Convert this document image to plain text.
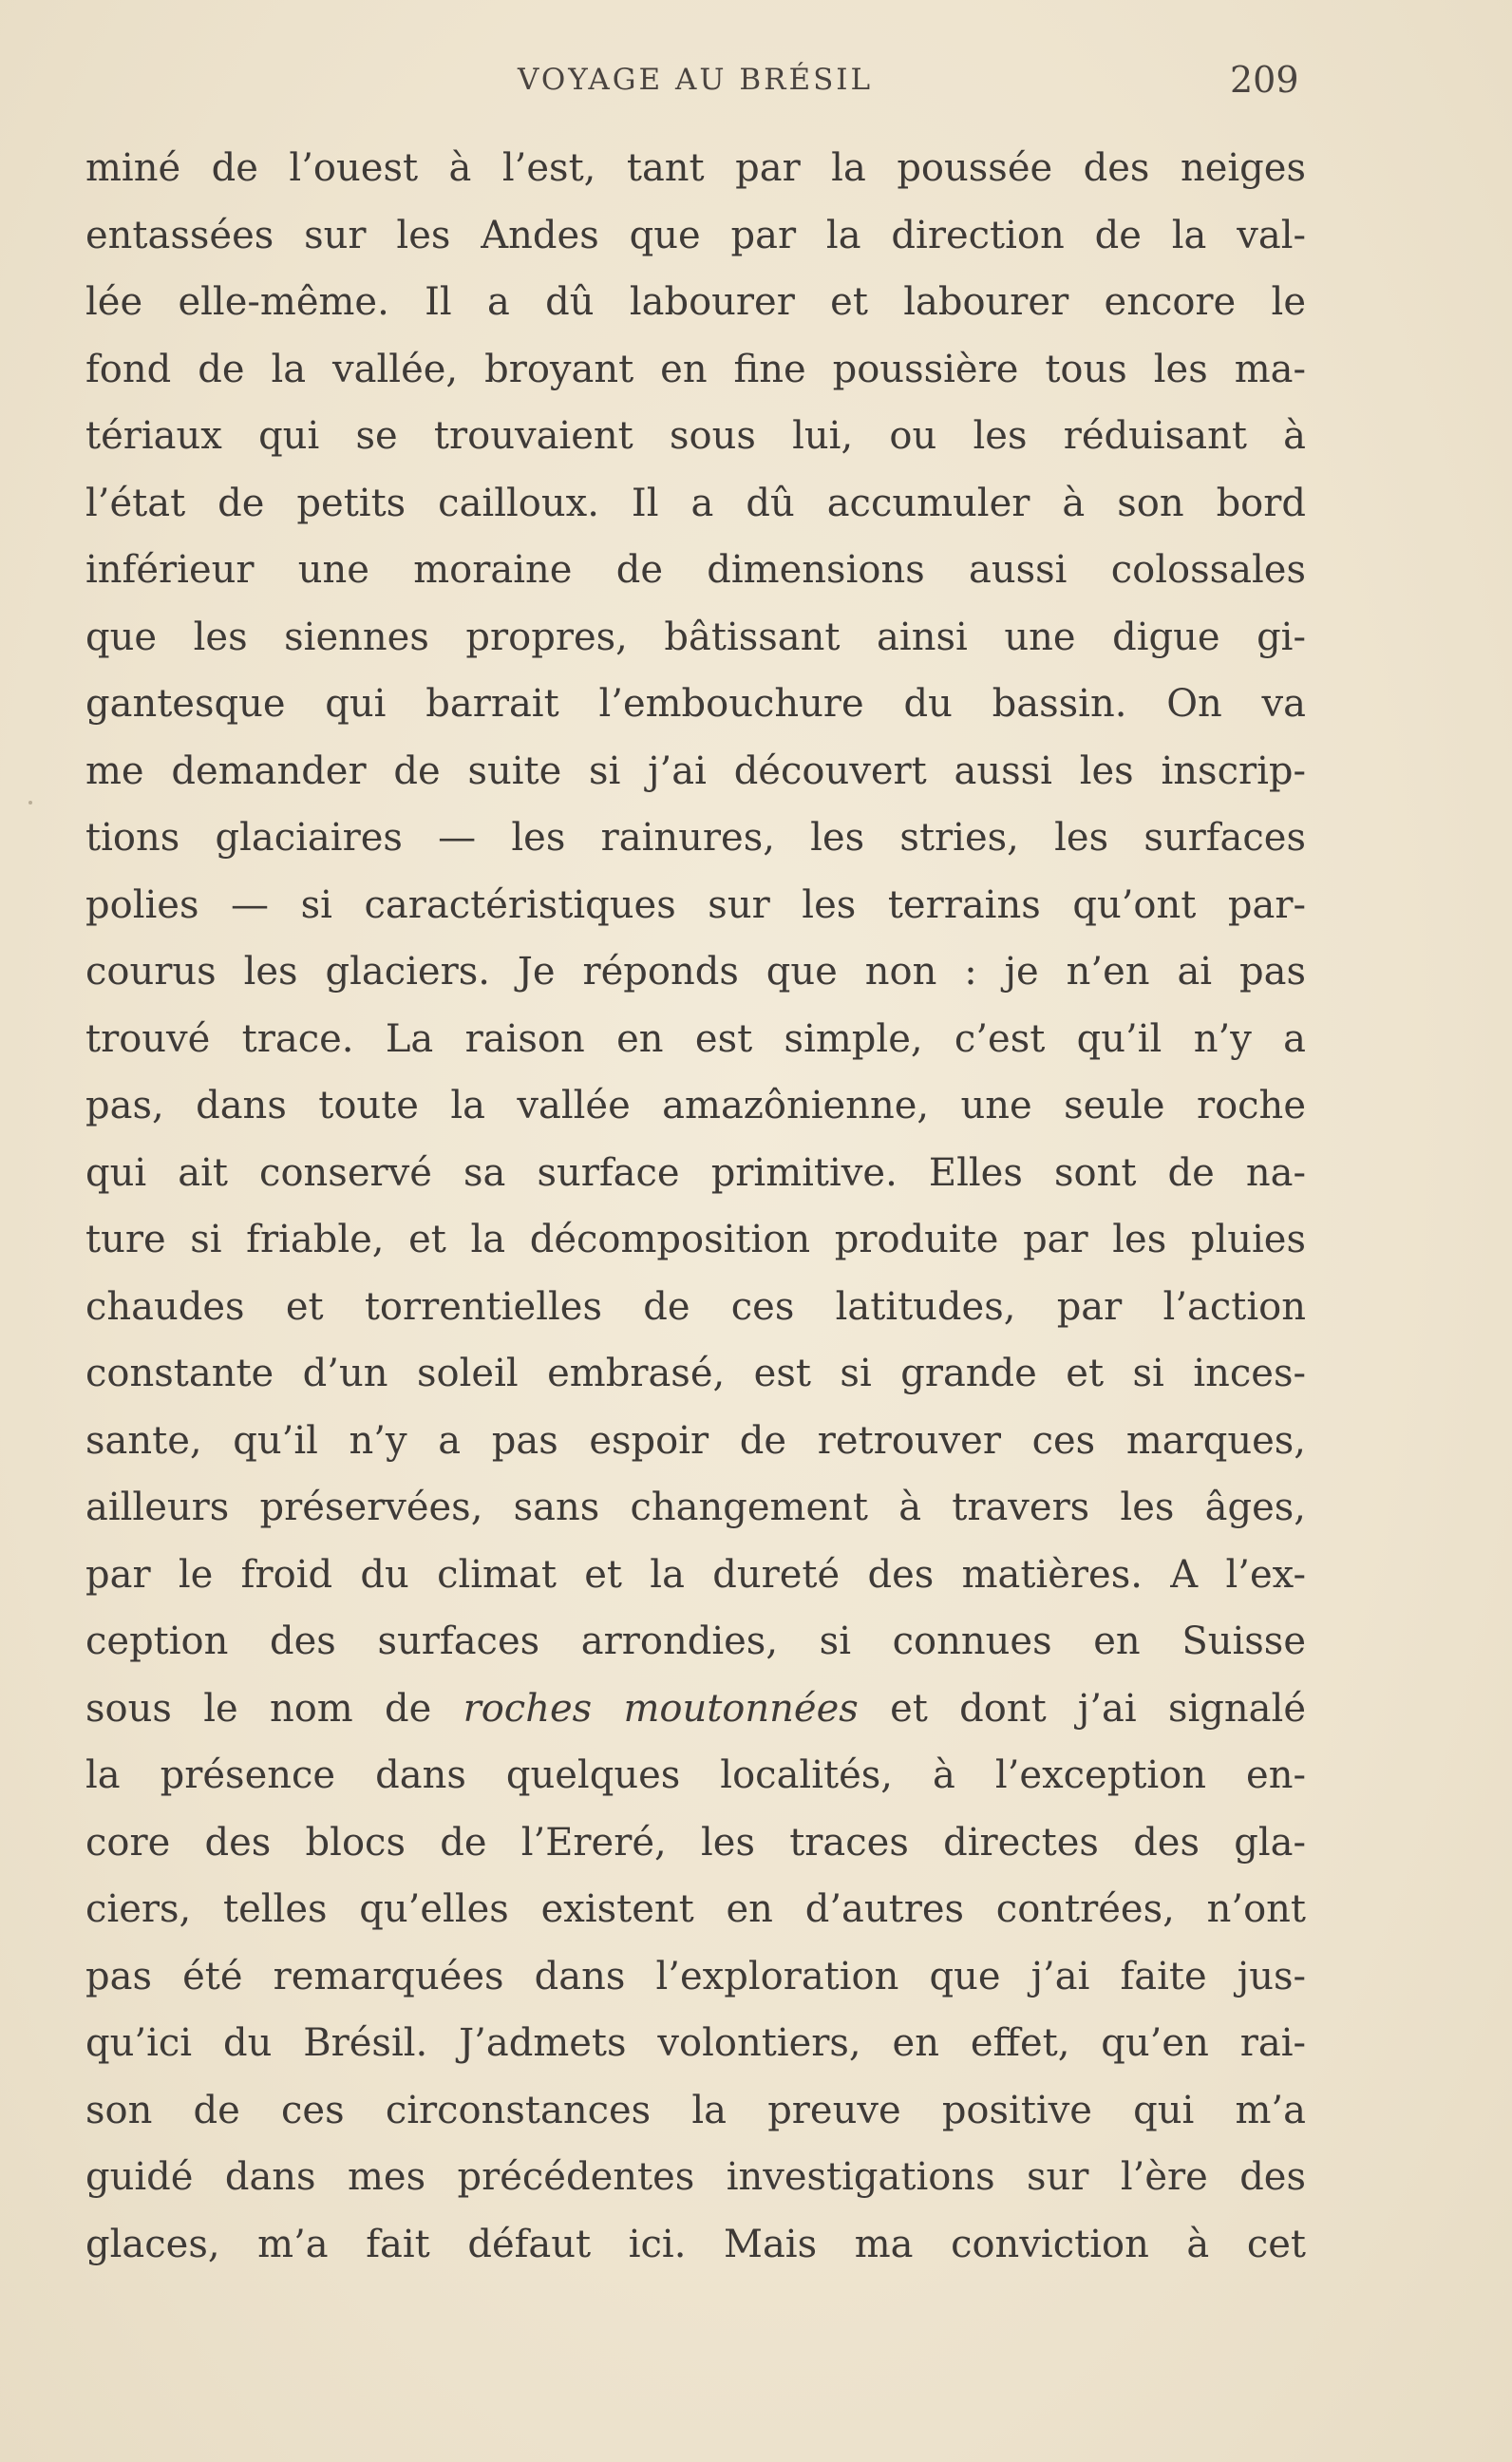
VOYAGE AU BRÉSIL	209
miné de l’ouest à l’est, tant par la poussée des neiges
entassées sur les Andes que par la direction de la val-
lée elle-même. Il a dû labourer et labourer encore le
fond de la vallée, broyant en fine poussière tous les ma-
tériaux qui se trouvaient sous lui, ou les réduisant à
l’état de petits cailloux. Il a dû accumuler à son bord
inférieur une moraine de dimensions aussi colossales
que les siennes propres, bâtissant ainsi une digue gi-
gantesque qui barrait l’embouchure du bassin. On va
me demander de suite si j’ai découvert aussi les inscrip-
tions glaciaires — les rainures, les stries, les surfaces
polies — si caractéristiques sur les terrains qu’ont par-
courus les glaciers. Je réponds que non : je n’en ai pas
trouvé trace. La raison en est simple, c’est qu’il n’y a
pas, dans toute la vallée amazônienne, une seule roche
qui ait conservé sa surface primitive. Elles sont de na-
ture si friable, et la décomposition produite par les pluies
chaudes et torrentielles de ces latitudes, par l’action
constante d’un soleil embrasé, est si grande et si inces-
sante, qu’il n’y a pas espoir de retrouver ces marques,
ailleurs préservées, sans changement à travers les âges,
par le froid du climat et la dureté des matières. A l’ex-
ception des surfaces arrondies, si connues en Suisse
sous le nom de roches moutonnées et dont j’ai signalé
la présence dans quelques localités, à l’exception en-
core des blocs de l’Ereré, les traces directes des gla-
ciers, telles qu’elles existent en d’autres contrées, n’ont
pas été remarquées dans l’exploration que j’ai faite jus-
qu’ici du Brésil. J’admets volontiers, en effet, qu’en rai-
son de ces circonstances la preuve positive qui m’a
guidé dans mes précédentes investigations sur l’ère des
glaces, m’a fait défaut ici. Mais ma conviction à cet
